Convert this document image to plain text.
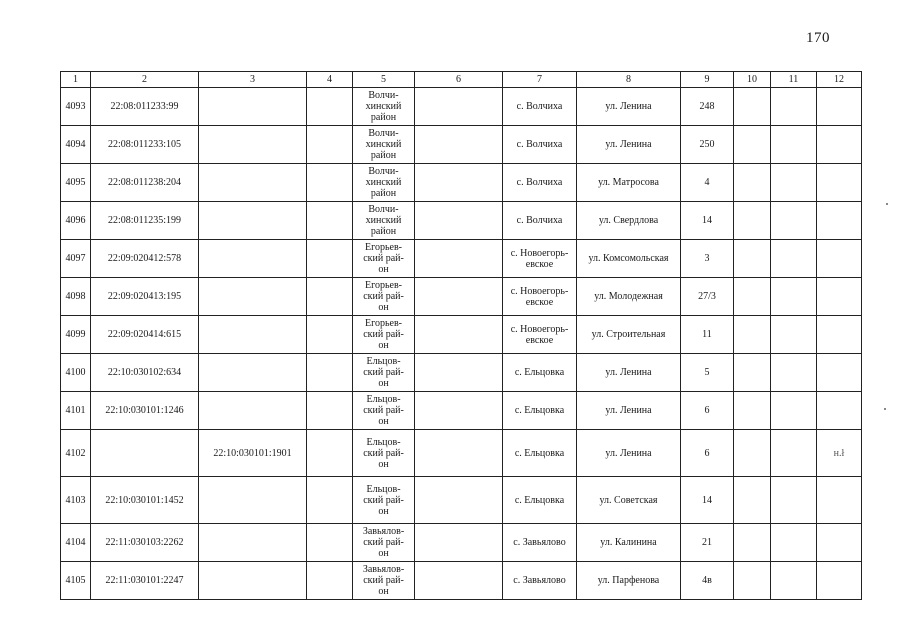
170
1	2	3	4	5	6	7	8	9	10	11	12
4093	22:08:011233:99			Волчи-
хинский
район		с. Волчиха	ул. Ленина	248			
4094	22:08:011233:105			Волчи-
хинский
район		с. Волчиха	ул. Ленина	250			
4095	22:08:011238:204			Волчи-
хинский
район		с. Волчиха	ул. Матросова	4			
4096	22:08:011235:199			Волчи-
хинский
район		с. Волчиха	ул. Свердлова	14			
4097	22:09:020412:578			Егорьев-
ский рай-
он		с. Новоегорь-
евское	ул. Комсомольская	3			
4098	22:09:020413:195			Егорьев-
ский рай-
он		с. Новоегорь-
евское	ул. Молодежная	27/3			
4099	22:09:020414:615			Егорьев-
ский рай-
он		с. Новоегорь-
евское	ул. Строительная	11			
4100	22:10:030102:634			Ельцов-
ский рай-
он		с. Ельцовка	ул. Ленина	5			
4101	22:10:030101:1246			Ельцов-
ский рай-
он		с. Ельцовка	ул. Ленина	6			
4102		22:10:030101:1901		Ельцов-
ский рай-
он		с. Ельцовка	ул. Ленина	6			н.ł
4103	22:10:030101:1452			Ельцов-
ский рай-
он		с. Ельцовка	ул. Советская	14			
4104	22:11:030103:2262			Завьялов-
ский рай-
он		с. Завьялово	ул. Калинина	21			
4105	22:11:030101:2247			Завьялов-
ский рай-
он		с. Завьялово	ул. Парфенова	4в			
